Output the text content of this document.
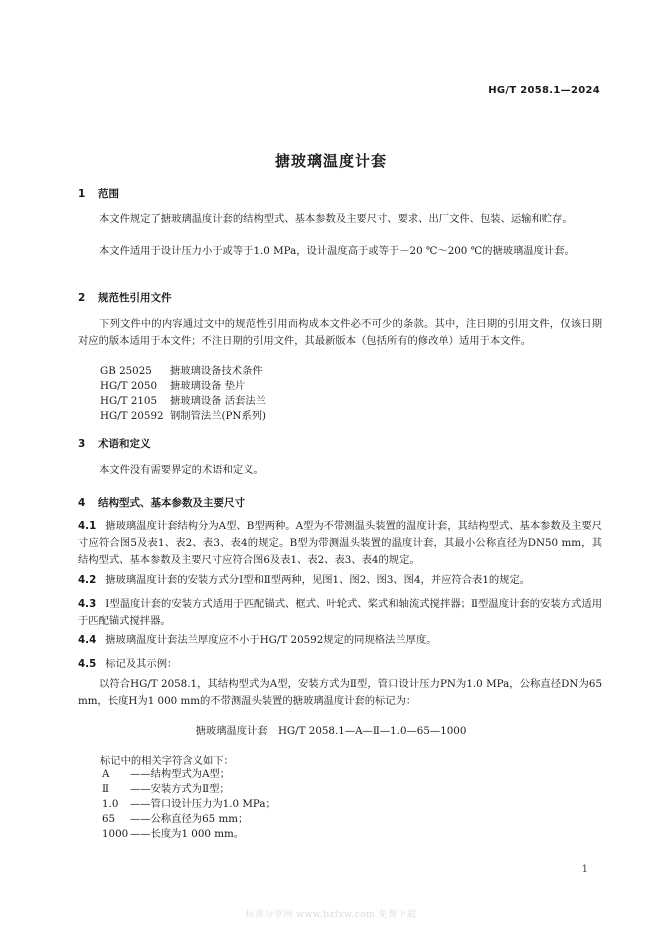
HG/T 2058.1—2024
搪玻璃温度计套
1 范围
本文件规定了搪玻璃温度计套的结构型式、基本参数及主要尺寸、要求、出厂文件、包装、运输和贮存。
本文件适用于设计压力小于或等于1.0 MPa，设计温度高于或等于－20 ℃～200 ℃的搪玻璃温度计套。
2 规范性引用文件
下列文件中的内容通过文中的规范性引用而构成本文件必不可少的条款。其中，注日期的引用文件，仅该日期对应的版本适用于本文件；不注日期的引用文件，其最新版本（包括所有的修改单）适用于本文件。
GB 25025 搪玻璃设备技术条件
HG/T 2050 搪玻璃设备 垫片
HG/T 2105 搪玻璃设备 活套法兰
HG/T 20592 钢制管法兰(PN系列)
3 术语和定义
本文件没有需要界定的术语和定义。
4 结构型式、基本参数及主要尺寸
4.1 搪玻璃温度计套结构分为A型、B型两种。A型为不带测温头装置的温度计套，其结构型式、基本参数及主要尺寸应符合图5及表1、表2、表3、表4的规定。B型为带测温头装置的温度计套，其最小公称直径为DN50 mm，其结构型式、基本参数及主要尺寸应符合图6及表1、表2、表3、表4的规定。
4.2 搪玻璃温度计套的安装方式分Ⅰ型和Ⅱ型两种，见图1、图2、图3、图4，并应符合表1的规定。
4.3 Ⅰ型温度计套的安装方式适用于匹配锚式、框式、叶轮式、桨式和轴流式搅拌器；Ⅱ型温度计套的安装方式适用于匹配锚式搅拌器。
4.4 搪玻璃温度计套法兰厚度应不小于HG/T 20592规定的同规格法兰厚度。
4.5 标记及其示例：
以符合HG/T 2058.1，其结构型式为A型，安装方式为Ⅱ型，管口设计压力PN为1.0 MPa，公称直径DN为65 mm，长度H为1 000 mm的不带测温头装置的搪玻璃温度计套的标记为：
搪玻璃温度计套　HG/T 2058.1—A—Ⅱ—1.0—65—1000
标记中的相关字符含义如下：
A ——结构型式为A型；
Ⅱ ——安装方式为Ⅱ型；
1.0 ——管口设计压力为1.0 MPa；
65 ——公称直径为65 mm；
1000 ——长度为1 000 mm。
1
标准分享网 www.bzfxw.com 免费下载
